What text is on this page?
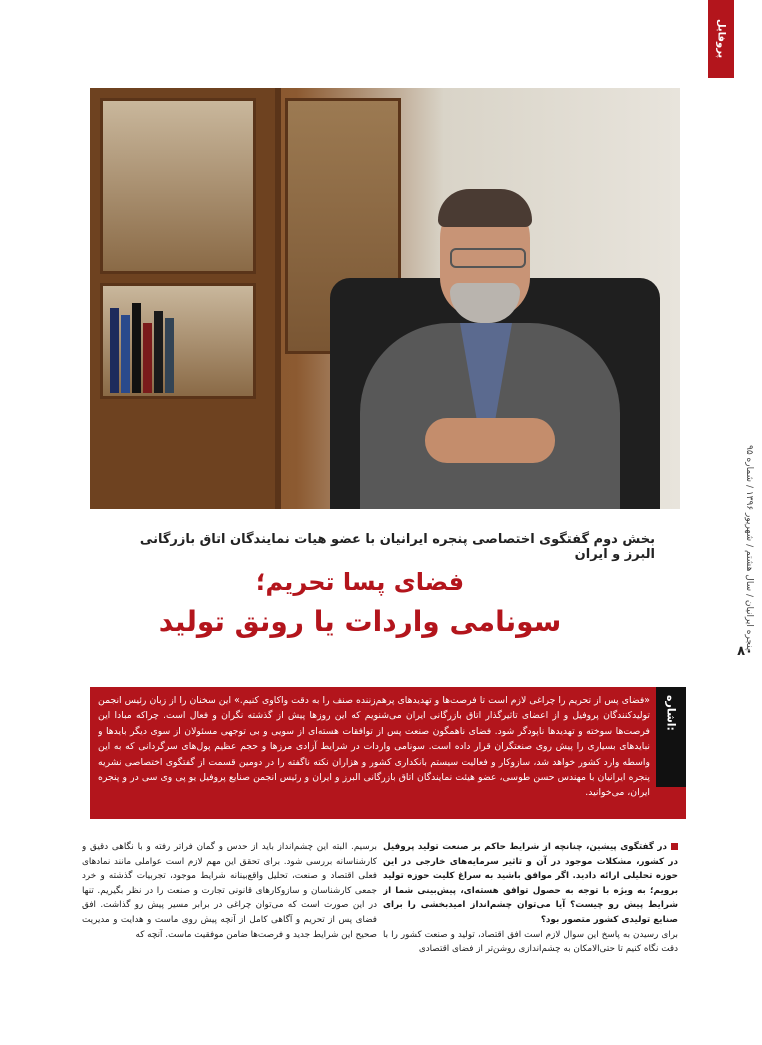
پروفایل
پنجره ایرانیان / سال هشتم / شهریور ۱۳۹۶ / شماره ۹۵
۸۰
بخش دوم گفتگوی اختصاصی پنجره ایرانیان با عضو هیات نمایندگان اتاق بازرگانی البرز و ایران
فضای پسا تحریم؛
سونامی واردات یا رونق تولید
اشاره:
«فضای پس از تحریم را چراغی لازم است تا فرصت‌ها و تهدیدهای پرهم‌زننده صنف را به دقت واکاوی کنیم.» این سخنان را از زبان رئیس انجمن تولیدکنندگان پروفیل و از اعضای تاثیرگذار اتاق بازرگانی ایران می‌شنویم که این روزها پیش از گذشته نگران و فعال است. چراکه مبادا این فرصت‌ها سوخته و تهدیدها ناپودگر شود. فضای ناهمگون صنعت پس از توافقات هسته‌ای از سویی و بی توجهی مسئولان از سوی دیگر بایدها و نبایدهای بسیاری را پیش روی صنعتگران قرار داده است. سونامی واردات در شرایط آزادی مرزها و حجم عظیم پول‌های سرگردانی که به این واسطه وارد کشور خواهد شد، سازوکار و فعالیت سیستم بانکداری کشور و هزاران نکته ناگفته را در دومین قسمت از گفتگوی اختصاصی نشریه پنجره ایرانیان با مهندس حسن طوسی، عضو هیئت نمایندگان اتاق بازرگانی البرز و ایران و رئیس انجمن صنایع پروفیل یو پی وی سی در و پنجره ایران، می‌خوانید.
در گفتگوی پیشین، چنانچه از شرایط حاکم بر صنعت تولید پروفیل در کشور، مشکلات موجود در آن و تاثیر سرمایه‌های خارجی در این حوزه تحلیلی ارائه دادید. اگر موافق باشید به سراغ کلیت حوزه تولید برویم؛ به ویژه با توجه به حصول توافق هسته‌ای، پیش‌بینی شما از شرایط پیش رو چیست؟ آیا می‌توان چشم‌انداز امیدبخشی را برای صنایع تولیدی کشور متصور بود؟
برای رسیدن به پاسخ این سوال لازم است افق اقتصاد، تولید و صنعت کشور را با دقت نگاه کنیم تا حتی‌الامکان به چشم‌اندازی روشن‌تر از فضای اقتصادی
برسیم. البته این چشم‌انداز باید از حدس و گمان فراتر رفته و با نگاهی دقیق و کارشناسانه بررسی شود. برای تحقق این مهم لازم است عواملی مانند نمادهای فعلی اقتصاد و صنعت، تحلیل واقع‌بینانه شرایط موجود، تجربیات گذشته و خرد جمعی کارشناسان و سازوکارهای قانونی تجارت و صنعت را در نظر بگیریم. تنها در این صورت است که می‌توان چراغی در برابر مسیر پیش رو گذاشت. افق فضای پس از تحریم و آگاهی کامل از آنچه پیش روی ماست و هدایت و مدیریت صحیح این شرایط جدید و فرصت‌ها ضامن موفقیت ماست. آنچه که
